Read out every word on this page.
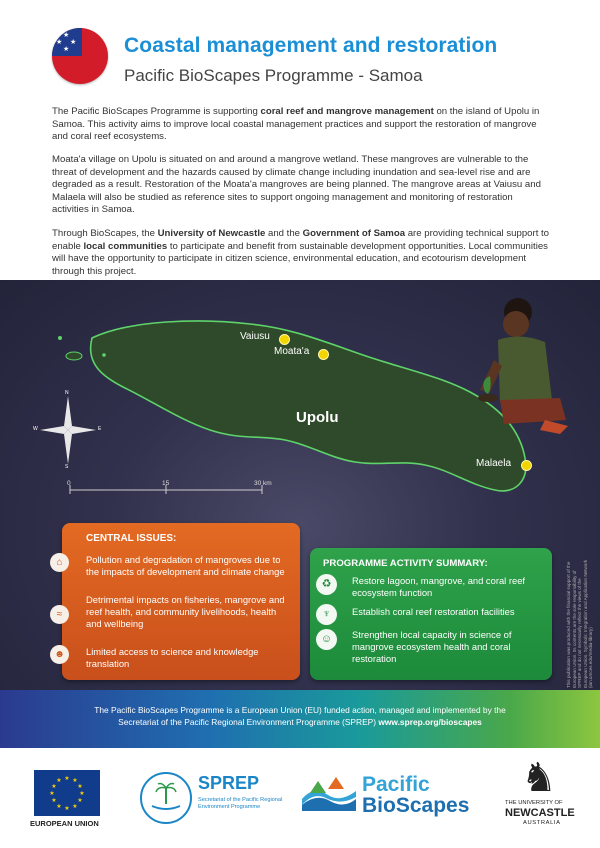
★
★ ★
★	Coastal management and restoration
Pacific BioScapes Programme - Samoa
The Pacific BioScapes Programme is supporting coral reef and mangrove management on the island of Upolu in Samoa. This activity aims to improve local coastal management practices and support the restoration of mangrove and coral reef ecosystems.
Moata'a village on Upolu is situated on and around a mangrove wetland. These mangroves are vulnerable to the threat of development and the hazards caused by climate change including inundation and sea-level rise and are degraded as a result. Restoration of the Moata'a mangroves are being planned. The mangrove areas at Vaiusu and Malaela will also be studied as reference sites to support ongoing management and monitoring of restoration activities in Samoa.
Through BioScapes, the University of Newcastle and the Government of Samoa are providing technical support to enable local communities to participate and benefit from sustainable development opportunities. Local communities will have the opportunity to participate in citizen science, environmental education, and ecotourism development through this project.
Vaiusu
Moata'a
Malaela
N
E
S
W
Upolu
0	15	30 km
CENTRAL ISSUES:
Pollution and degradation of mangroves due to the impacts of development and climate change
Detrimental impacts on fisheries, mangrove and reef health, and community livelihoods, health and wellbeing
Limited access to science and knowledge translation
⌂
≈
☻
PROGRAMME ACTIVITY SUMMARY:
Restore lagoon, mangrove, and coral reef ecosystem function
Establish coral reef restoration facilities
Strengthen local capacity in science of mangrove ecosystem health and coral restoration
♻
♆
☺	This publication was produced with the financial support of the European Union. Its contents are the sole responsibility of SPREP and do not necessarily reflect the views of the European Union. Symbols: Integration and Application Network (ian.umces.edu/media-library)
The Pacific BioScapes Programme is a European Union (EU) funded action, managed and implemented by the
Secretariat of the Pacific Regional Environment Programme (SPREP) www.sprep.org/bioscapes
★ ★
★
★
★
★
★
★
★
★
★
★
EUROPEAN UNION
SPREP
Secretariat of the Pacific Regional Environment Programme
Pacific
BioScapes
♞
THE UNIVERSITY OF
NEWCASTLE
AUSTRALIA
